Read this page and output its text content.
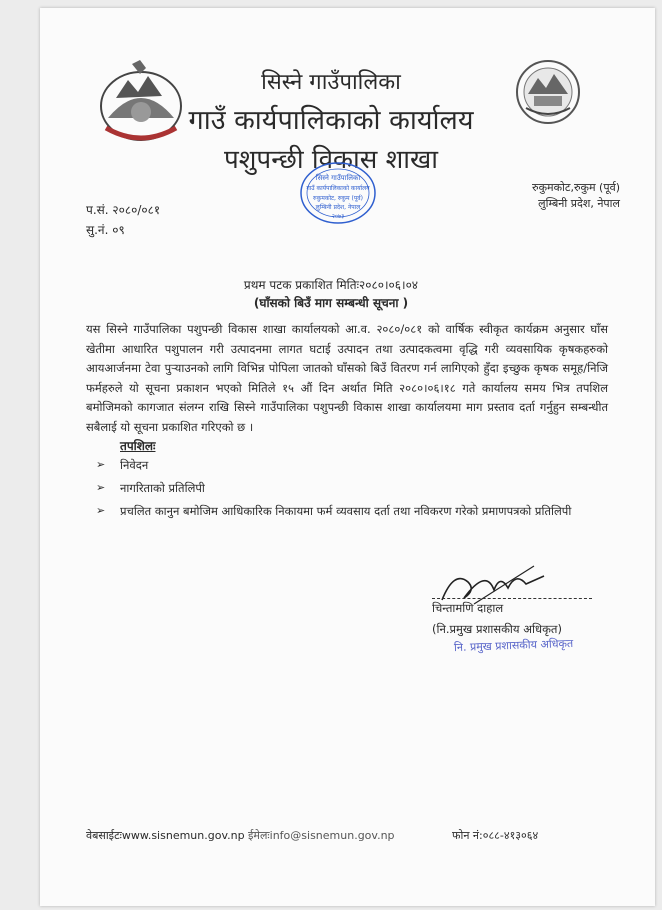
सिस्ने गाउँपालिका
गाउँ कार्यपालिकाको कार्यालय
पशुपन्छी विकास शाखा
सिस्ने गाउँपालिका
गाउँ कार्यपालिकाको कार्यालय
रुकुमकोट, रुकुम (पूर्व)
लुम्बिनी प्रदेश, नेपाल
२०७३
रुकुमकोट,रुकुम (पूर्व)
लुम्बिनी प्रदेश, नेपाल
प.सं. २०८०/०८१
सु.नं. ०९
प्रथम पटक प्रकाशित मितिः२०८०।०६।०४
(घाँसको बिउँ माग सम्बन्धी सूचना )
यस सिस्ने गाउँपालिका पशुपन्छी विकास शाखा कार्यालयको आ.व. २०८०/०८१ को वार्षिक स्वीकृत कार्यक्रम अनुसार घाँस खेतीमा आधारित पशुपालन गरी उत्पादनमा लागत घटाई उत्पादन तथा उत्पादकत्वमा वृद्धि गरी व्यवसायिक कृषकहरुको आयआर्जनमा टेवा पुऱ्याउनको लागि विभिन्न पोपिला जातको घाँसको बिउँ वितरण गर्न लागिएको हुँदा इच्छुक कृषक समूह/निजि फर्महरुले यो सूचना प्रकाशन भएको मितिले १५ औं दिन अर्थात मिति २०८०।०६।१८ गते कार्यालय समय भित्र तपशिल बमोजिमको कागजात संलग्न राखि सिस्ने गाउँपालिका पशुपन्छी विकास शाखा कार्यालयमा माग प्रस्ताव दर्ता गर्नुहुन सम्बन्धीत सबैलाई यो सूचना प्रकाशित गरिएको छ ।
तपशिलः
➢	निवेदन
➢	नागरिताको प्रतिलिपी
➢	प्रचलित कानुन बमोजिम आधिकारिक निकायमा फर्म व्यवसाय दर्ता तथा नविकरण गरेको प्रमाणपत्रको प्रतिलिपी
चिन्तामणि दाहाल
(नि.प्रमुख प्रशासकीय अधिकृत)
नि. प्रमुख प्रशासकीय अधिकृत
वेबसाईटःwww.sisnemun.gov.np ईमेलःinfo@sisnemun.gov.np	फोन नं:०८८-४१३०६४
